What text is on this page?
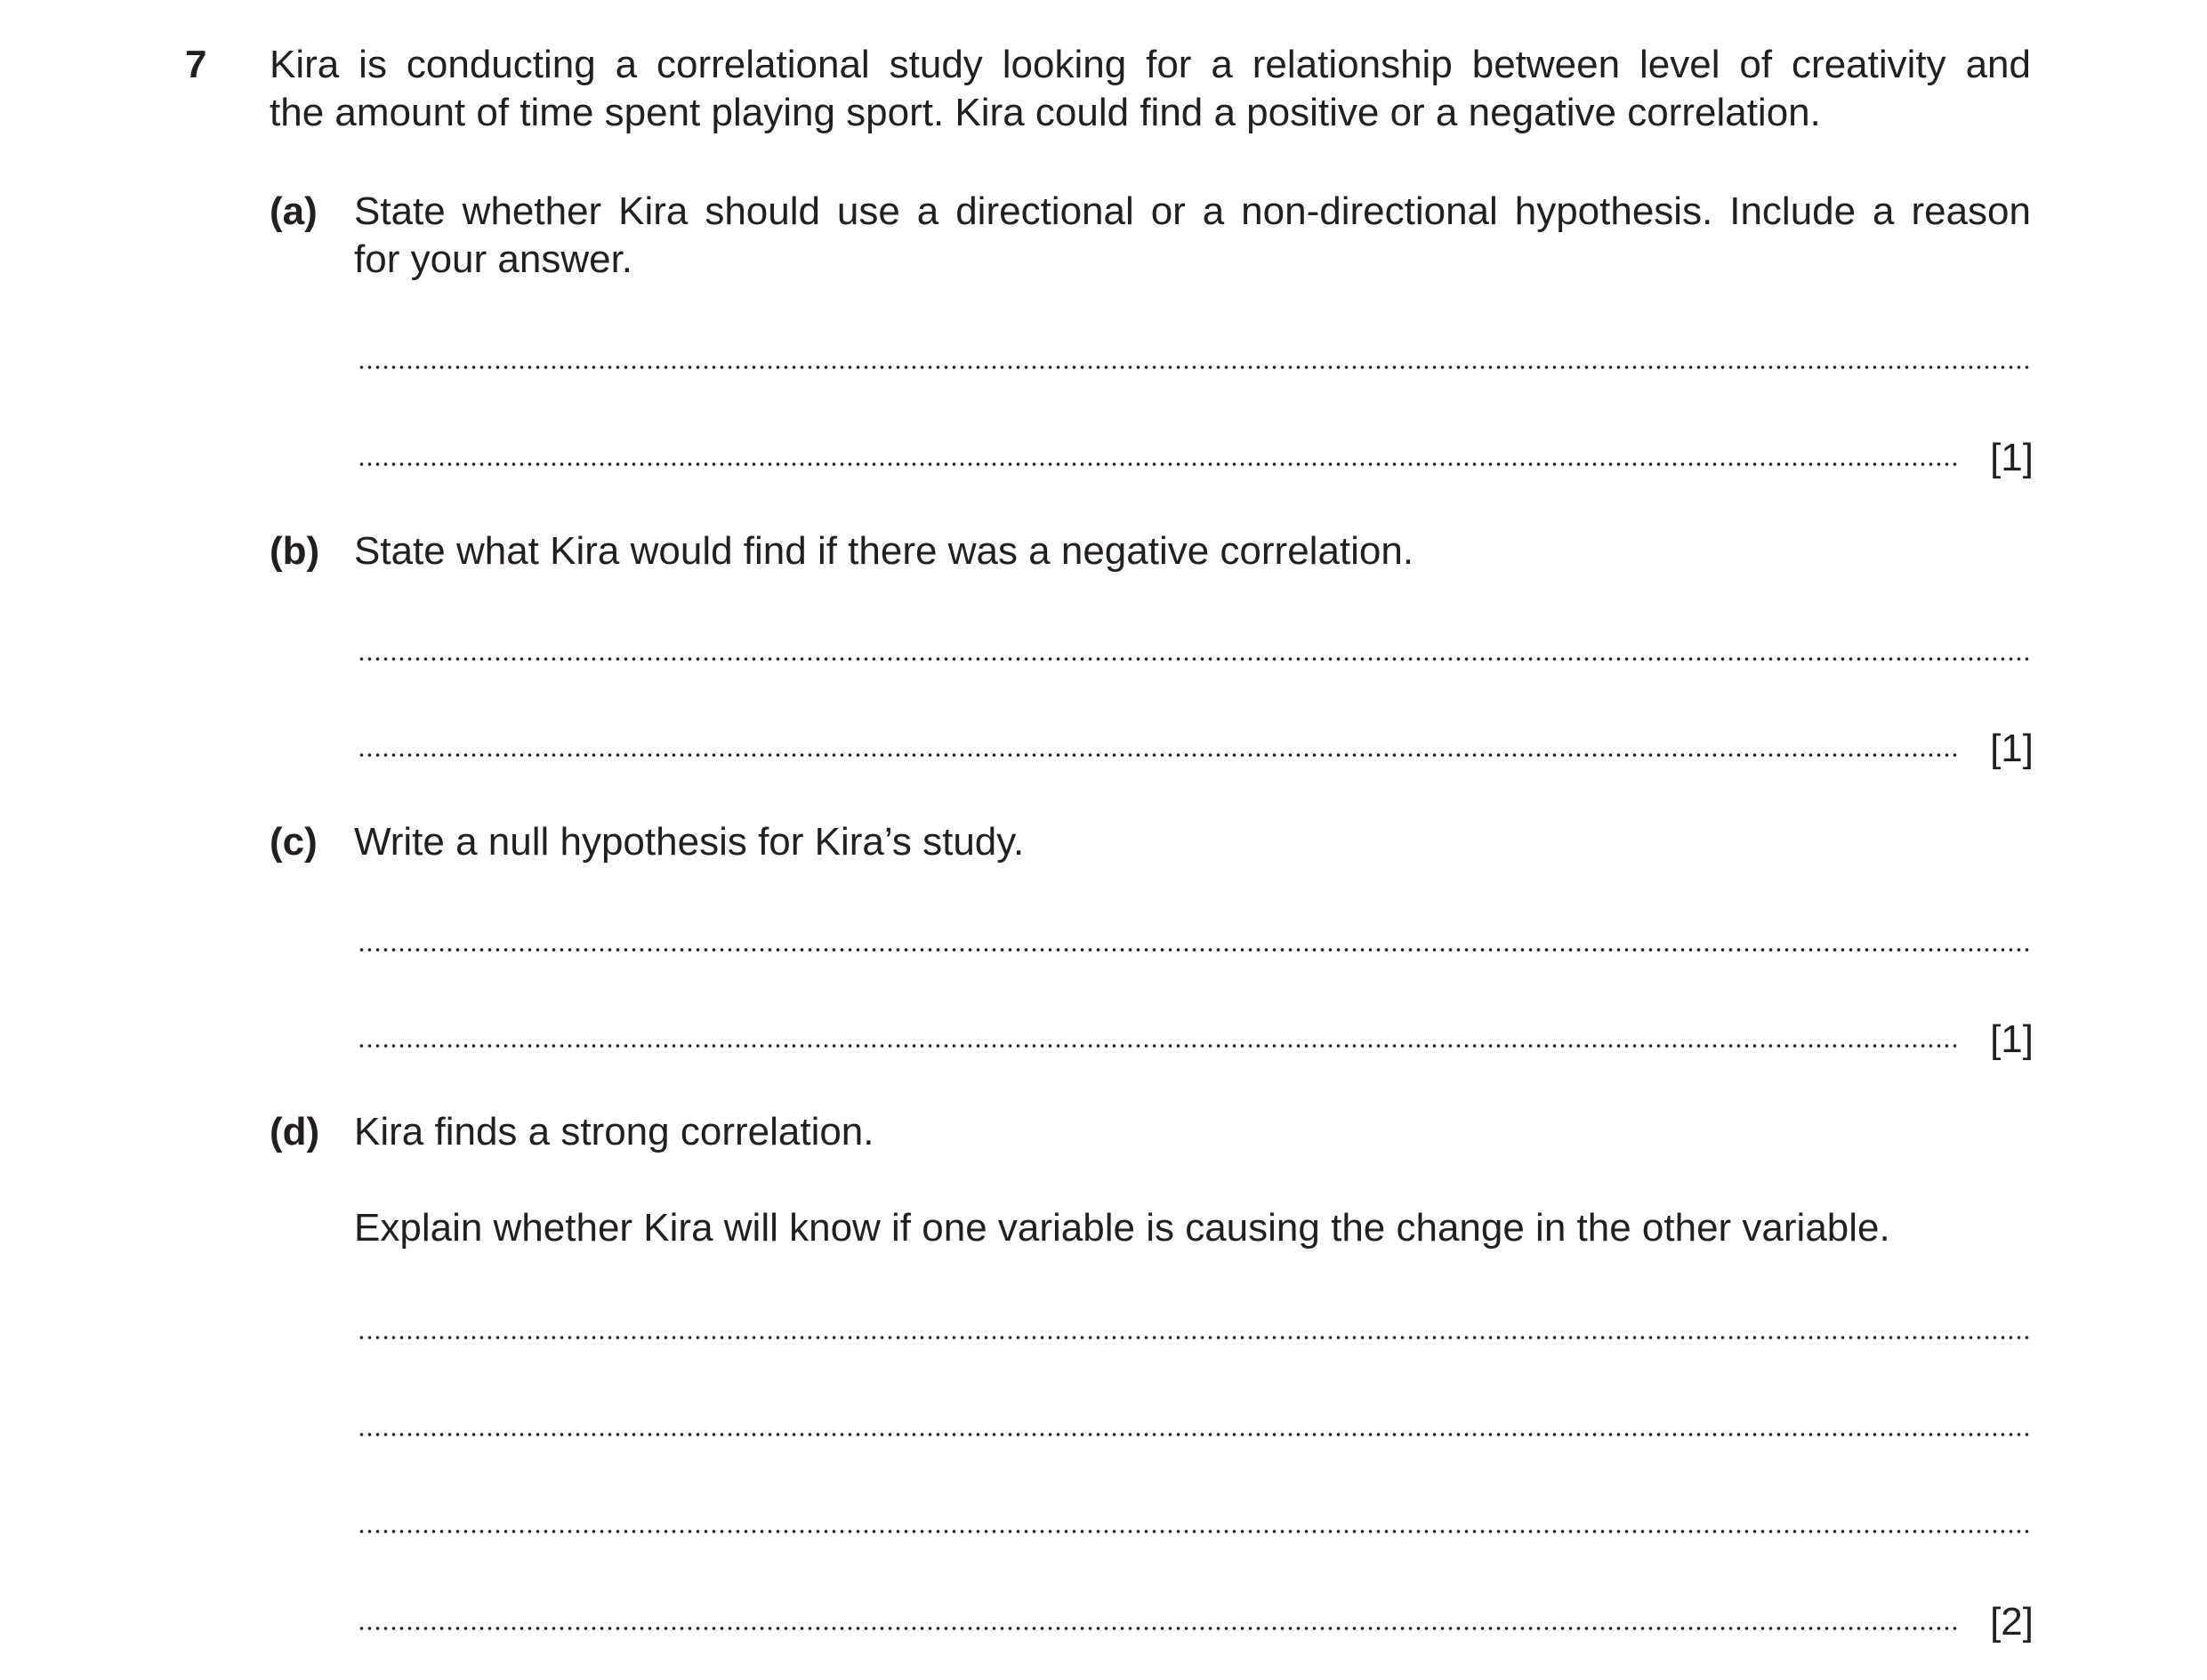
7 Kira is conducting a correlational study looking for a relationship between level of creativity and
the amount of time spent playing sport. Kira could find a positive or a negative correlation.
(a) State whether Kira should use a directional or a non-directional hypothesis. Include a reason
for your answer.
[1]
(b) State what Kira would find if there was a negative correlation.
[1]
(c) Write a null hypothesis for Kira’s study.
[1]
(d) Kira finds a strong correlation.
Explain whether Kira will know if one variable is causing the change in the other variable.
[2]
